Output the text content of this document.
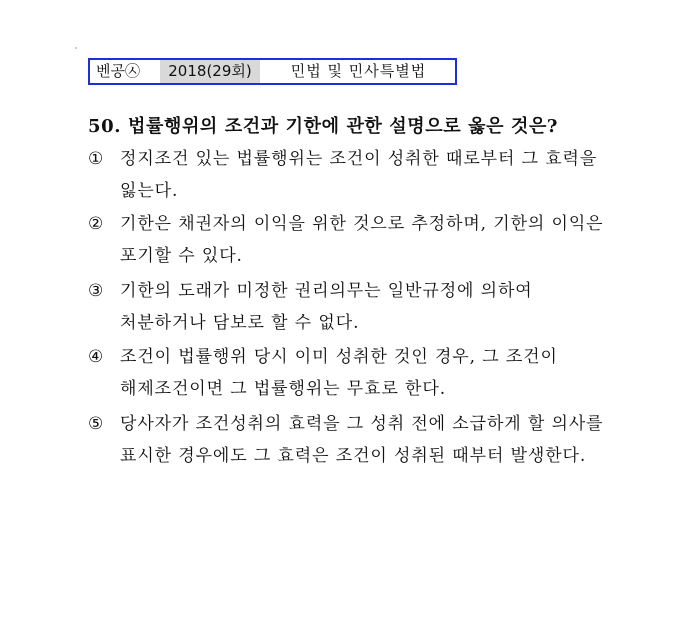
벤공㉦	2018(29회)	민법 및 민사특별법
50. 법률행위의 조건과 기한에 관한 설명으로 옳은 것은?
① 정지조건 있는 법률행위는 조건이 성취한 때로부터 그 효력을 잃는다.
② 기한은 채권자의 이익을 위한 것으로 추정하며, 기한의 이익은 포기할 수 있다.
③ 기한의 도래가 미정한 권리의무는 일반규정에 의하여 처분하거나 담보로 할 수 없다.
④ 조건이 법률행위 당시 이미 성취한 것인 경우, 그 조건이 해제조건이면 그 법률행위는 무효로 한다.
⑤ 당사자가 조건성취의 효력을 그 성취 전에 소급하게 할 의사를 표시한 경우에도 그 효력은 조건이 성취된 때부터 발생한다.
